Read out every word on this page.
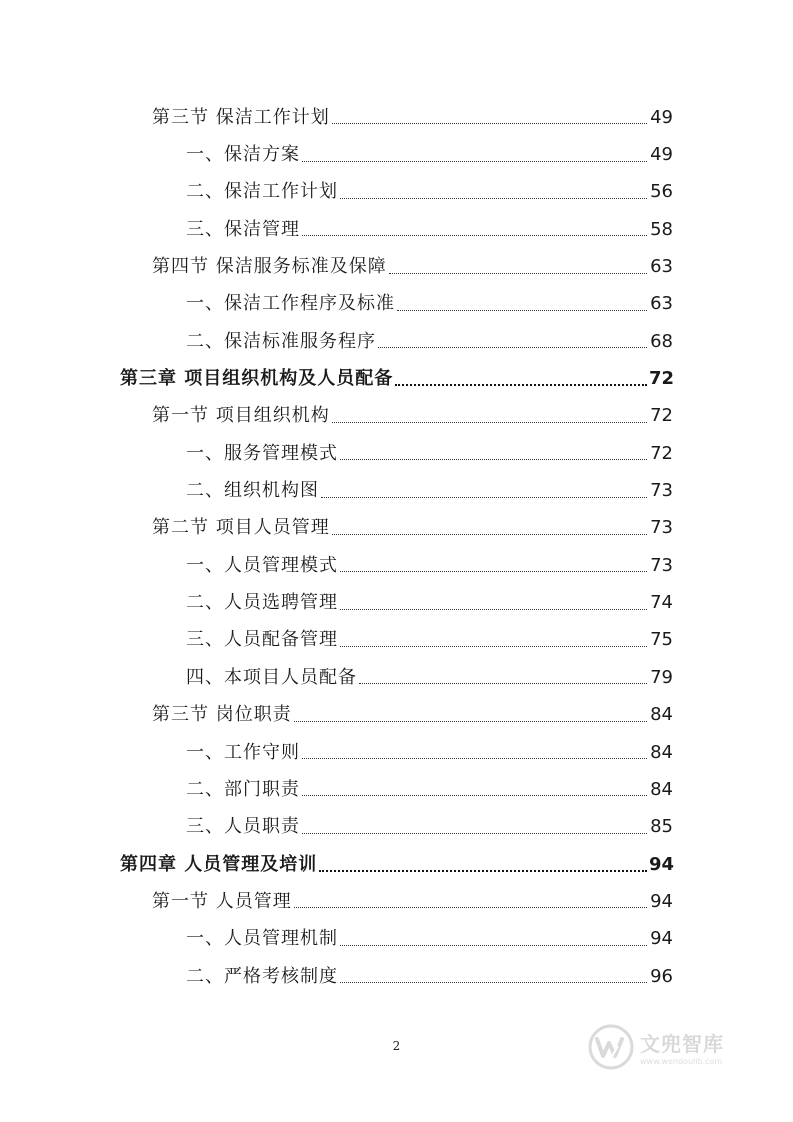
第三节 保洁工作计划	49
一、保洁方案	49
二、保洁工作计划	56
三、保洁管理	58
第四节 保洁服务标准及保障	63
一、保洁工作程序及标准	63
二、保洁标准服务程序	68
第三章 项目组织机构及人员配备	72
第一节 项目组织机构	72
一、服务管理模式	72
二、组织机构图	73
第二节 项目人员管理	73
一、人员管理模式	73
二、人员选聘管理	74
三、人员配备管理	75
四、本项目人员配备	79
第三节 岗位职责	84
一、工作守则	84
二、部门职责	84
三、人员职责	85
第四章 人员管理及培训	94
第一节 人员管理	94
一、人员管理机制	94
二、严格考核制度	96
2	文兜智库
www.wendoulib.com
